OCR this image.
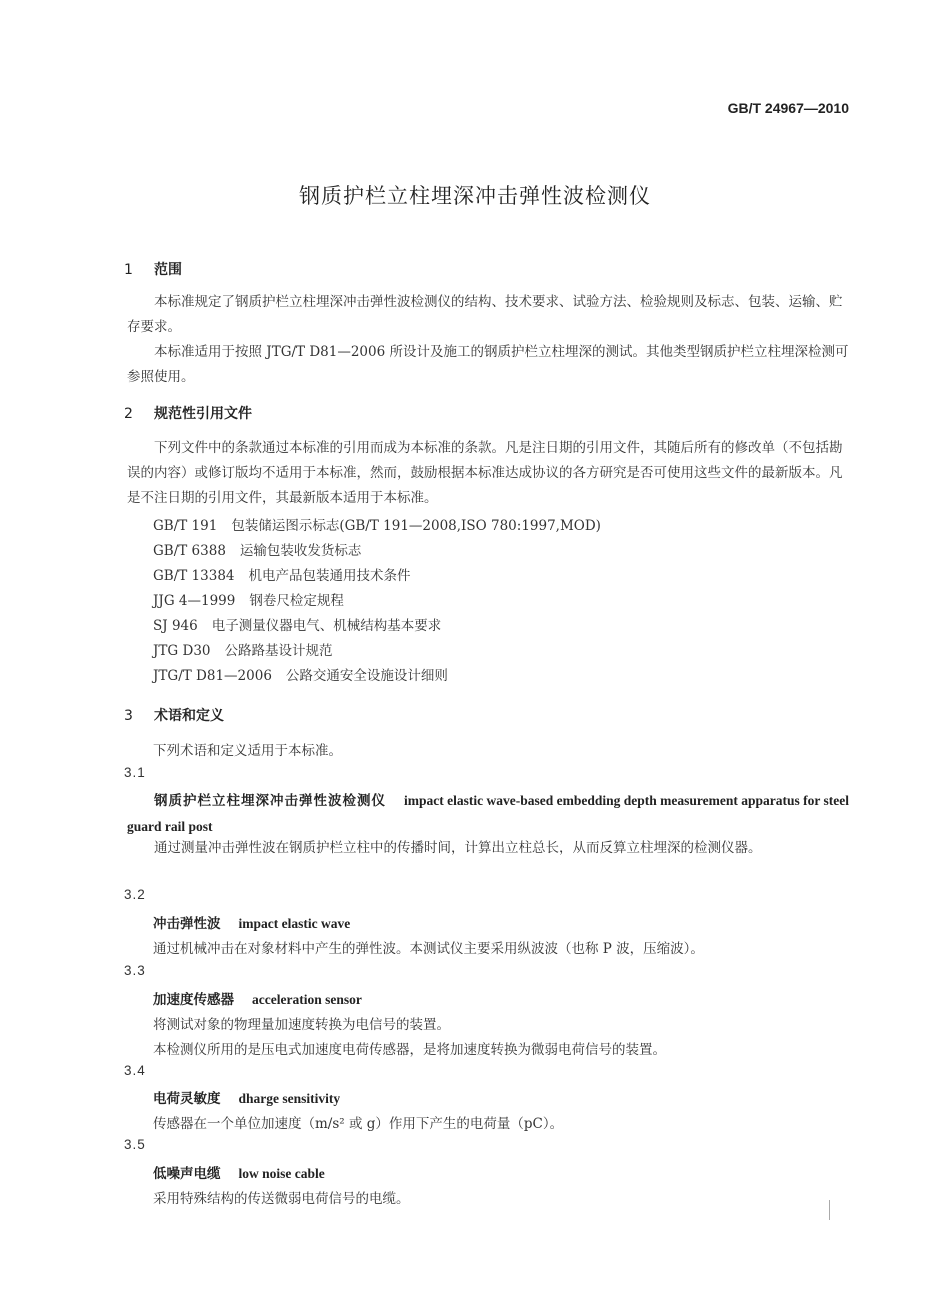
GB/T 24967—2010
钢质护栏立柱埋深冲击弹性波检测仪
1 范围
本标准规定了钢质护栏立柱埋深冲击弹性波检测仪的结构、技术要求、试验方法、检验规则及标志、包装、运输、贮存要求。
本标准适用于按照 JTG/T D81—2006 所设计及施工的钢质护栏立柱埋深的测试。其他类型钢质护栏立柱埋深检测可参照使用。
2 规范性引用文件
下列文件中的条款通过本标准的引用而成为本标准的条款。凡是注日期的引用文件，其随后所有的修改单（不包括勘误的内容）或修订版均不适用于本标准，然而，鼓励根据本标准达成协议的各方研究是否可使用这些文件的最新版本。凡是不注日期的引用文件，其最新版本适用于本标准。
GB/T 191 包装储运图示标志(GB/T 191—2008,ISO 780:1997,MOD)
GB/T 6388 运输包装收发货标志
GB/T 13384 机电产品包装通用技术条件
JJG 4—1999 钢卷尺检定规程
SJ 946 电子测量仪器电气、机械结构基本要求
JTG D30 公路路基设计规范
JTG/T D81—2006 公路交通安全设施设计细则
3 术语和定义
下列术语和定义适用于本标准。
3.1
钢质护栏立柱埋深冲击弹性波检测仪 impact elastic wave-based embedding depth measurement apparatus for steel guard rail post
通过测量冲击弹性波在钢质护栏立柱中的传播时间，计算出立柱总长，从而反算立柱埋深的检测仪器。
3.2
冲击弹性波 impact elastic wave
通过机械冲击在对象材料中产生的弹性波。本测试仪主要采用纵波波（也称 P 波，压缩波）。
3.3
加速度传感器 acceleration sensor
将测试对象的物理量加速度转换为电信号的装置。
本检测仪所用的是压电式加速度电荷传感器，是将加速度转换为微弱电荷信号的装置。
3.4
电荷灵敏度 dharge sensitivity
传感器在一个单位加速度（m/s² 或 g）作用下产生的电荷量（pC）。
3.5
低噪声电缆 low noise cable
采用特殊结构的传送微弱电荷信号的电缆。
